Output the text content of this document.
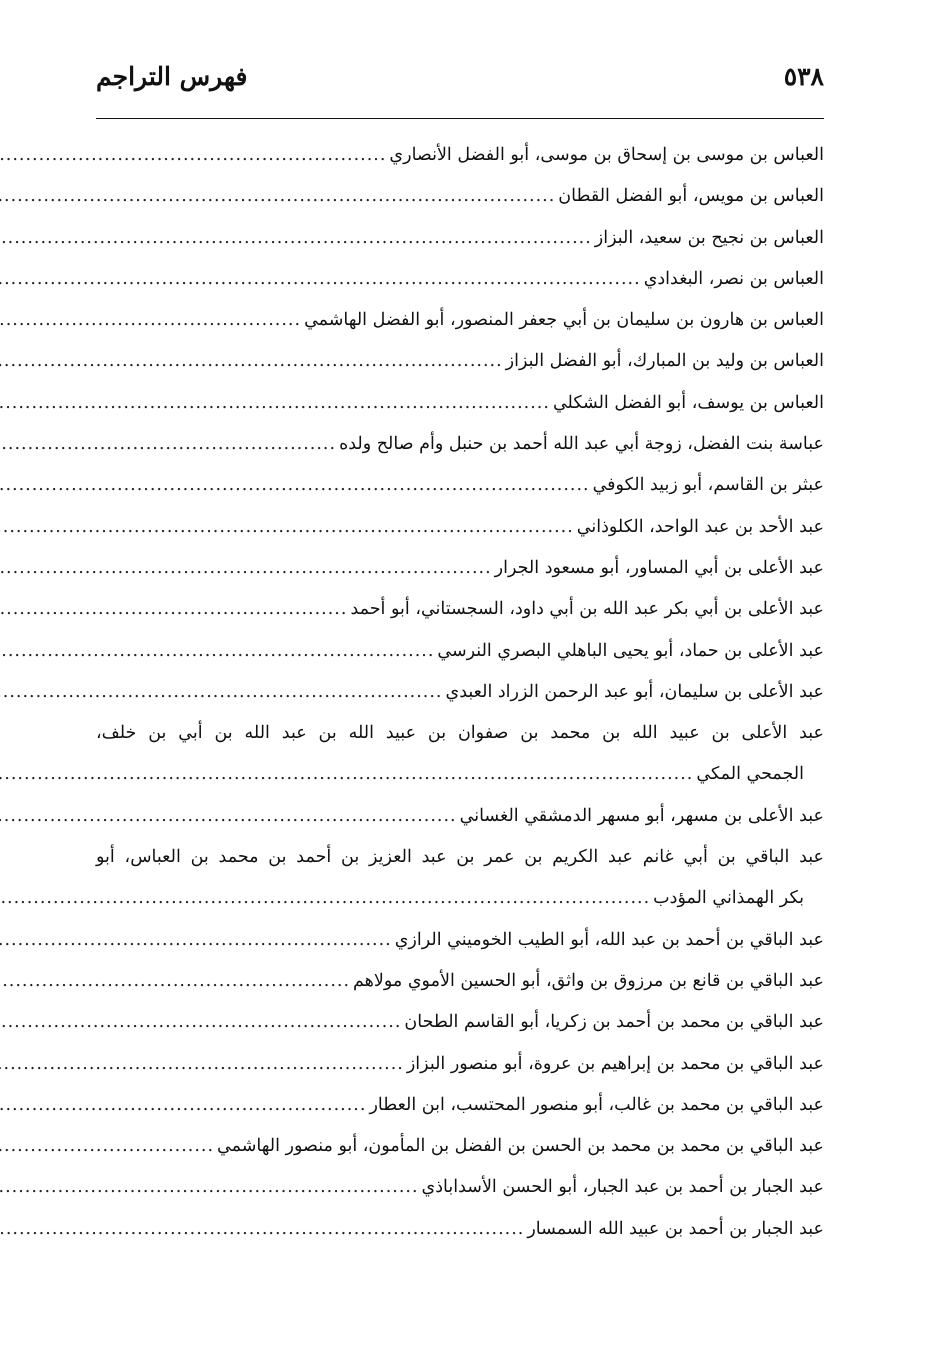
٥٣٨
فهرس التراجم
العباس بن موسى بن إسحاق بن موسى، أبو الفضل الأنصاري
.....
العباس بن مويس، أبو الفضل القطان
.....
العباس بن نجيح بن سعيد، البزاز
.....
العباس بن نصر، البغدادي
.....
العباس بن هارون بن سليمان بن أبي جعفر المنصور، أبو الفضل الهاشمي
.....
العباس بن وليد بن المبارك، أبو الفضل البزاز
.....
العباس بن يوسف، أبو الفضل الشكلي
.....
عباسة بنت الفضل، زوجة أبي عبد الله أحمد بن حنبل وأم صالح ولده
.....
عبثر بن القاسم، أبو زبيد الكوفي
.....
عبد الأحد بن عبد الواحد، الكلوذاني
.....
عبد الأعلى بن أبي المساور، أبو مسعود الجرار
.....
عبد الأعلى بن أبي بكر عبد الله بن أبي داود، السجستاني، أبو أحمد
.....
عبد الأعلى بن حماد، أبو يحيى الباهلي البصري النرسي
.....
عبد الأعلى بن سليمان، أبو عبد الرحمن الزراد العبدي
.....
عبد الأعلى بن عبيد الله بن محمد بن صفوان بن عبيد الله بن عبد الله بن أبي بن خلف،
الجمحي المكي
.....
عبد الأعلى بن مسهر، أبو مسهر الدمشقي الغساني
.....
عبد الباقي بن أبي غانم عبد الكريم بن عمر بن عبد العزيز بن أحمد بن محمد بن العباس، أبو
بكر الهمذاني المؤدب
.....
عبد الباقي بن أحمد بن عبد الله، أبو الطيب الخوميني الرازي
.....
عبد الباقي بن قانع بن مرزوق بن واثق، أبو الحسين الأموي مولاهم
.....
عبد الباقي بن محمد بن أحمد بن زكريا، أبو القاسم الطحان
.....
عبد الباقي بن محمد بن إبراهيم بن عروة، أبو منصور البزاز
.....
عبد الباقي بن محمد بن غالب، أبو منصور المحتسب، ابن العطار
.....
عبد الباقي بن محمد بن محمد بن الحسن بن الفضل بن المأمون، أبو منصور الهاشمي
.....
عبد الجبار بن أحمد بن عبد الجبار، أبو الحسن الأسداباذي
.....
عبد الجبار بن أحمد بن عبيد الله السمسار
.....
